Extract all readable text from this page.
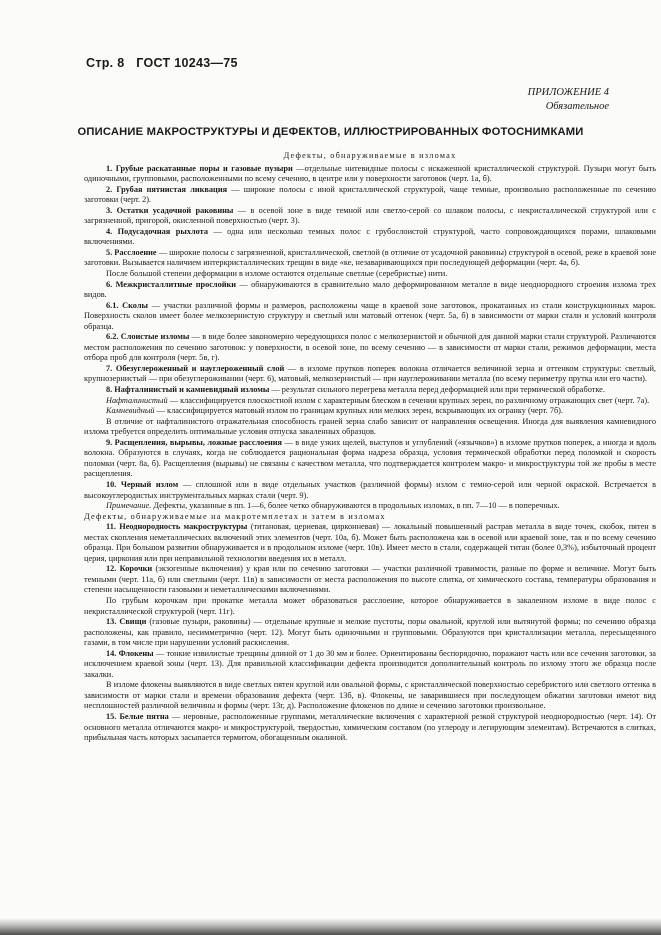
Стр. 8 ГОСТ 10243—75
ПРИЛОЖЕНИЕ 4
Обязательное
ОПИСАНИЕ МАКРОСТРУКТУРЫ И ДЕФЕКТОВ, ИЛЛЮСТРИРОВАННЫХ ФОТОСНИМКАМИ

Дефекты, обнаруживаемые в изломах

1. Грубые раскатанные поры и газовые пузыри —отдельные нитевидные полосы с искаженной кристаллической структурой. Пузыри могут быть одиночными, групповыми, расположенными по всему сечению, в центре или у поверхности заготовок (черт. 1а, б).

2. Грубая пятнистая ликвация — широкие полосы с иной кристаллической структурой, чаще темные, произвольно расположенные по сечению заготовки (черт. 2).

3. Остатки усадочной раковины — в осевой зоне в виде темной или светло-серой со шлаком полосы, с некристаллической структурой или с загрязненной, пригорой, окисленной поверхностью (черт. 3).

4. Подусадочная рыхлота — одна или несколько темных полос с грубослоистой структурой, часто сопровождающихся порами, шлаковыми включениями.

5. Расслоение — широкие полосы с загрязненной, кристаллической, светлой (в отличие от усадочной раковины) структурой в осевой, реже в краевой зоне заготовки. Вызывается наличием интеркристаллических трещин в виде «ке, незаваривающихся при последующей деформации (черт. 4а, б).

После большой степени деформации в изломе остаются отдельные светлые (серебристые) нити.

6. Межкристаллитные прослойки — обнаруживаются в сравнительно мало деформированном металле в виде неоднородного строения излома трех видов.

6.1. Сколы — участки различной формы и размеров, расположены чаще в краевой зоне заготовок, прокатанных из стали конструкционных марок. Поверхность сколов имеет более мелкозернистую структуру и светлый или матовый оттенок (черт. 5а, б) в зависимости от марки стали и условий контроля образца.

6.2. Слоистые изломы — в виде более закономерно чередующихся полос с мелкозернистой и обычной для данной марки стали структурой. Различаются местом расположения по сечению заготовок: у поверхности, в осевой зоне, по всему сечению — в зависимости от марки стали, режимов деформации, места отбора проб для контроля (черт. 5в, г).

7. Обезуглероженный и науглероженный слой — в изломе прутков поперек волокна отличается величиной зерна и оттенком структуры: светлый, крупнозернистый — при обезуглероживании (черт. 6), матовый, мелкозернистый — при науглероживании металла (по всему периметру прутка или его части).

8. Нафталинистый и камневидный изломы — результат сильного перегрева металла перед деформацией или при термической обработке.

Нафталинистый — классифицируется плоскостной излом с характерным блеском в сечении крупных зерен, по различному отражающих свет (черт. 7а).

Камневидный — классифицируется матовый излом по границам крупных или мелких зерен, вскрывающих их огранку (черт. 7б).

В отличие от нафталинистого отражательная способность граней зерна слабо зависит от направления освещения. Иногда для выявления камневидного излома требуется определить оптимальные условия отпуска закаленных образцов.

9. Расщепления, вырывы, ложные расслоения — в виде узких щелей, выступов и углублений («язычков») в изломе прутков поперек, а иногда и вдоль волокна. Образуются в случаях, когда не соблюдается рациональная форма надреза образца, условия термической обработки перед поломкой и скорость поломки (черт. 8а, б). Расщепления (вырывы) не связаны с качеством металла, что подтверждается контролем макро- и микроструктуры той же пробы в месте расщепления.

10. Черный излом — сплошной или в виде отдельных участков (различной формы) излом с темно-серой или черной окраской. Встречается в высокоуглеродистых инструментальных марках стали (черт. 9).

Примечание. Дефекты, указанные в пп. 1—6, более четко обнаруживаются в продольных изломах, в пп. 7—10 — в поперечных.

Дефекты, обнаруживаемые на макротемплетах и затем в изломах

11. Неоднородность макроструктуры (титановая, цериевая, цирконневая) — локальный повышенный растрав металла в виде точек, скобок, пятен в местах скопления неметаллических включений этих элементов (черт. 10а, б). Может быть расположена как в осевой или краевой зоне, так и по всему сечению образца. При большом развитии обнаруживается и в продольном изломе (черт. 10в). Имеет место в стали, содержащей титан (более 0,3%), избыточный процент церия, циркония или при неправильной технологии введения их в металл.

12. Корочки (экзогенные включения) у края или по сечению заготовки — участки различной травимости, разные по форме и величине. Могут быть темными (черт. 11а, б) или светлыми (черт. 11в) в зависимости от места расположения по высоте слитка, от химического состава, температуры образования и степени насыщенности газовыми и неметаллическими включениями.

По грубым корочкам при прокатке металла может образоваться расслоение, которое обнаруживается в закаленном изломе в виде полос с некристаллической структурой (черт. 11г).

13. Свищи (газовые пузыри, раковины) — отдельные крупные и мелкие пустоты, поры овальной, круглой или вытянутой формы; по сечению образца расположены, как правило, несимметрично (черт. 12). Могут быть одиночными и групповыми. Образуются при кристаллизации металла, пересыщенного газами, в том числе при нарушении условий раскисления.

14. Флокены — тонкие извилистые трещины длиной от 1 до 30 мм и более. Ориентированы беспорядочно, поражают часть или все сечения заготовки, за исключением краевой зоны (черт. 13). Для правильной классификации дефекта производится дополнительный контроль по излому этого же образца после закалки.

В изломе флокены выявляются в виде светлых пятен круглой или овальной формы, с кристаллической поверхностью серебристого или светлого оттенка в зависимости от марки стали и времени образования дефекта (черт. 13б, в). Флокены, не заварившиеся при последующем обжатии заготовки имеют вид несплошностей различной величины и формы (черт. 13г, д). Расположение флокенов по длине и сечению заготовки произвольное.

15. Белые пятна — неровные, расположенные группами, металлические включения с характерной резкой структурой неоднородностью (черт. 14). От основного металла отличаются макро- и микроструктурой, твердостью, химическим составом (по углероду и легирующим элементам). Встречаются в слитках, прибыльная часть которых засыпается термитом, обогащенным окалиной.
